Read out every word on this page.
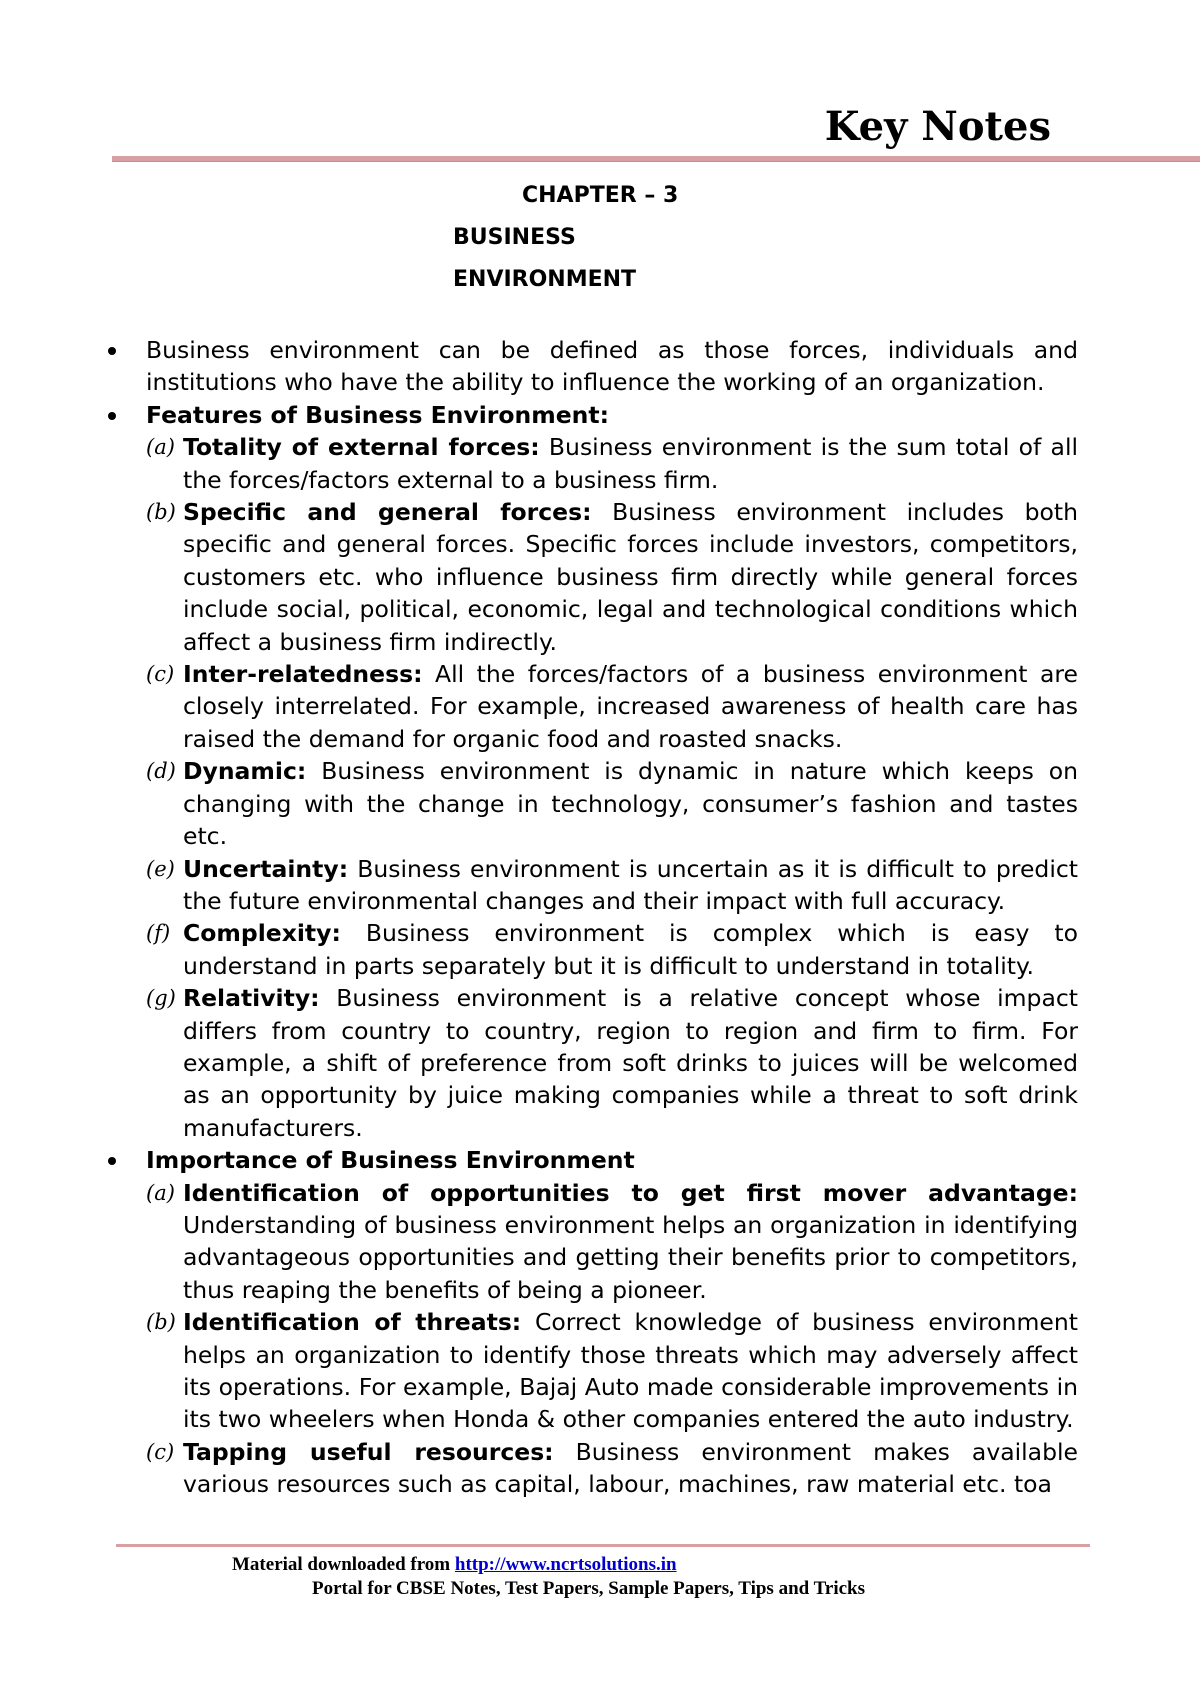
Key Notes
CHAPTER – 3
BUSINESS
ENVIRONMENT

Business environment can be defined as those forces, individuals and institutions who have the ability to influence the working of an organization.

Features of Business Environment:

(a) Totality of external forces: Business environment is the sum total of all the forces/factors external to a business firm.
(b) Specific and general forces: Business environment includes both specific and general forces. Specific forces include investors, competitors, customers etc. who influence business firm directly while general forces include social, political, economic, legal and technological conditions which affect a business firm indirectly.
(c) Inter-relatedness: All the forces/factors of a business environment are closely interrelated. For example, increased awareness of health care has raised the demand for organic food and roasted snacks.
(d) Dynamic: Business environment is dynamic in nature which keeps on changing with the change in technology, consumer’s fashion and tastes etc.
(e) Uncertainty: Business environment is uncertain as it is difficult to predict the future environmental changes and their impact with full accuracy.
(f) Complexity: Business environment is complex which is easy to understand in parts separately but it is difficult to understand in totality.
(g) Relativity: Business environment is a relative concept whose impact differs from country to country, region to region and firm to firm. For example, a shift of preference from soft drinks to juices will be welcomed as an opportunity by juice making companies while a threat to soft drink manufacturers.

Importance of Business Environment

(a) Identification of opportunities to get first mover advantage: Understanding of business environment helps an organization in identifying advantageous opportunities and getting their benefits prior to competitors, thus reaping the benefits of being a pioneer.
(b) Identification of threats: Correct knowledge of business environment helps an organization to identify those threats which may adversely affect its operations. For example, Bajaj Auto made considerable improvements in its two wheelers when Honda & other companies entered the auto industry.
(c) Tapping useful resources: Business environment makes available various resources such as capital, labour, machines, raw material etc. toa
Material downloaded from http://www.ncrtsolutions.in
Portal for CBSE Notes, Test Papers, Sample Papers, Tips and Tricks
